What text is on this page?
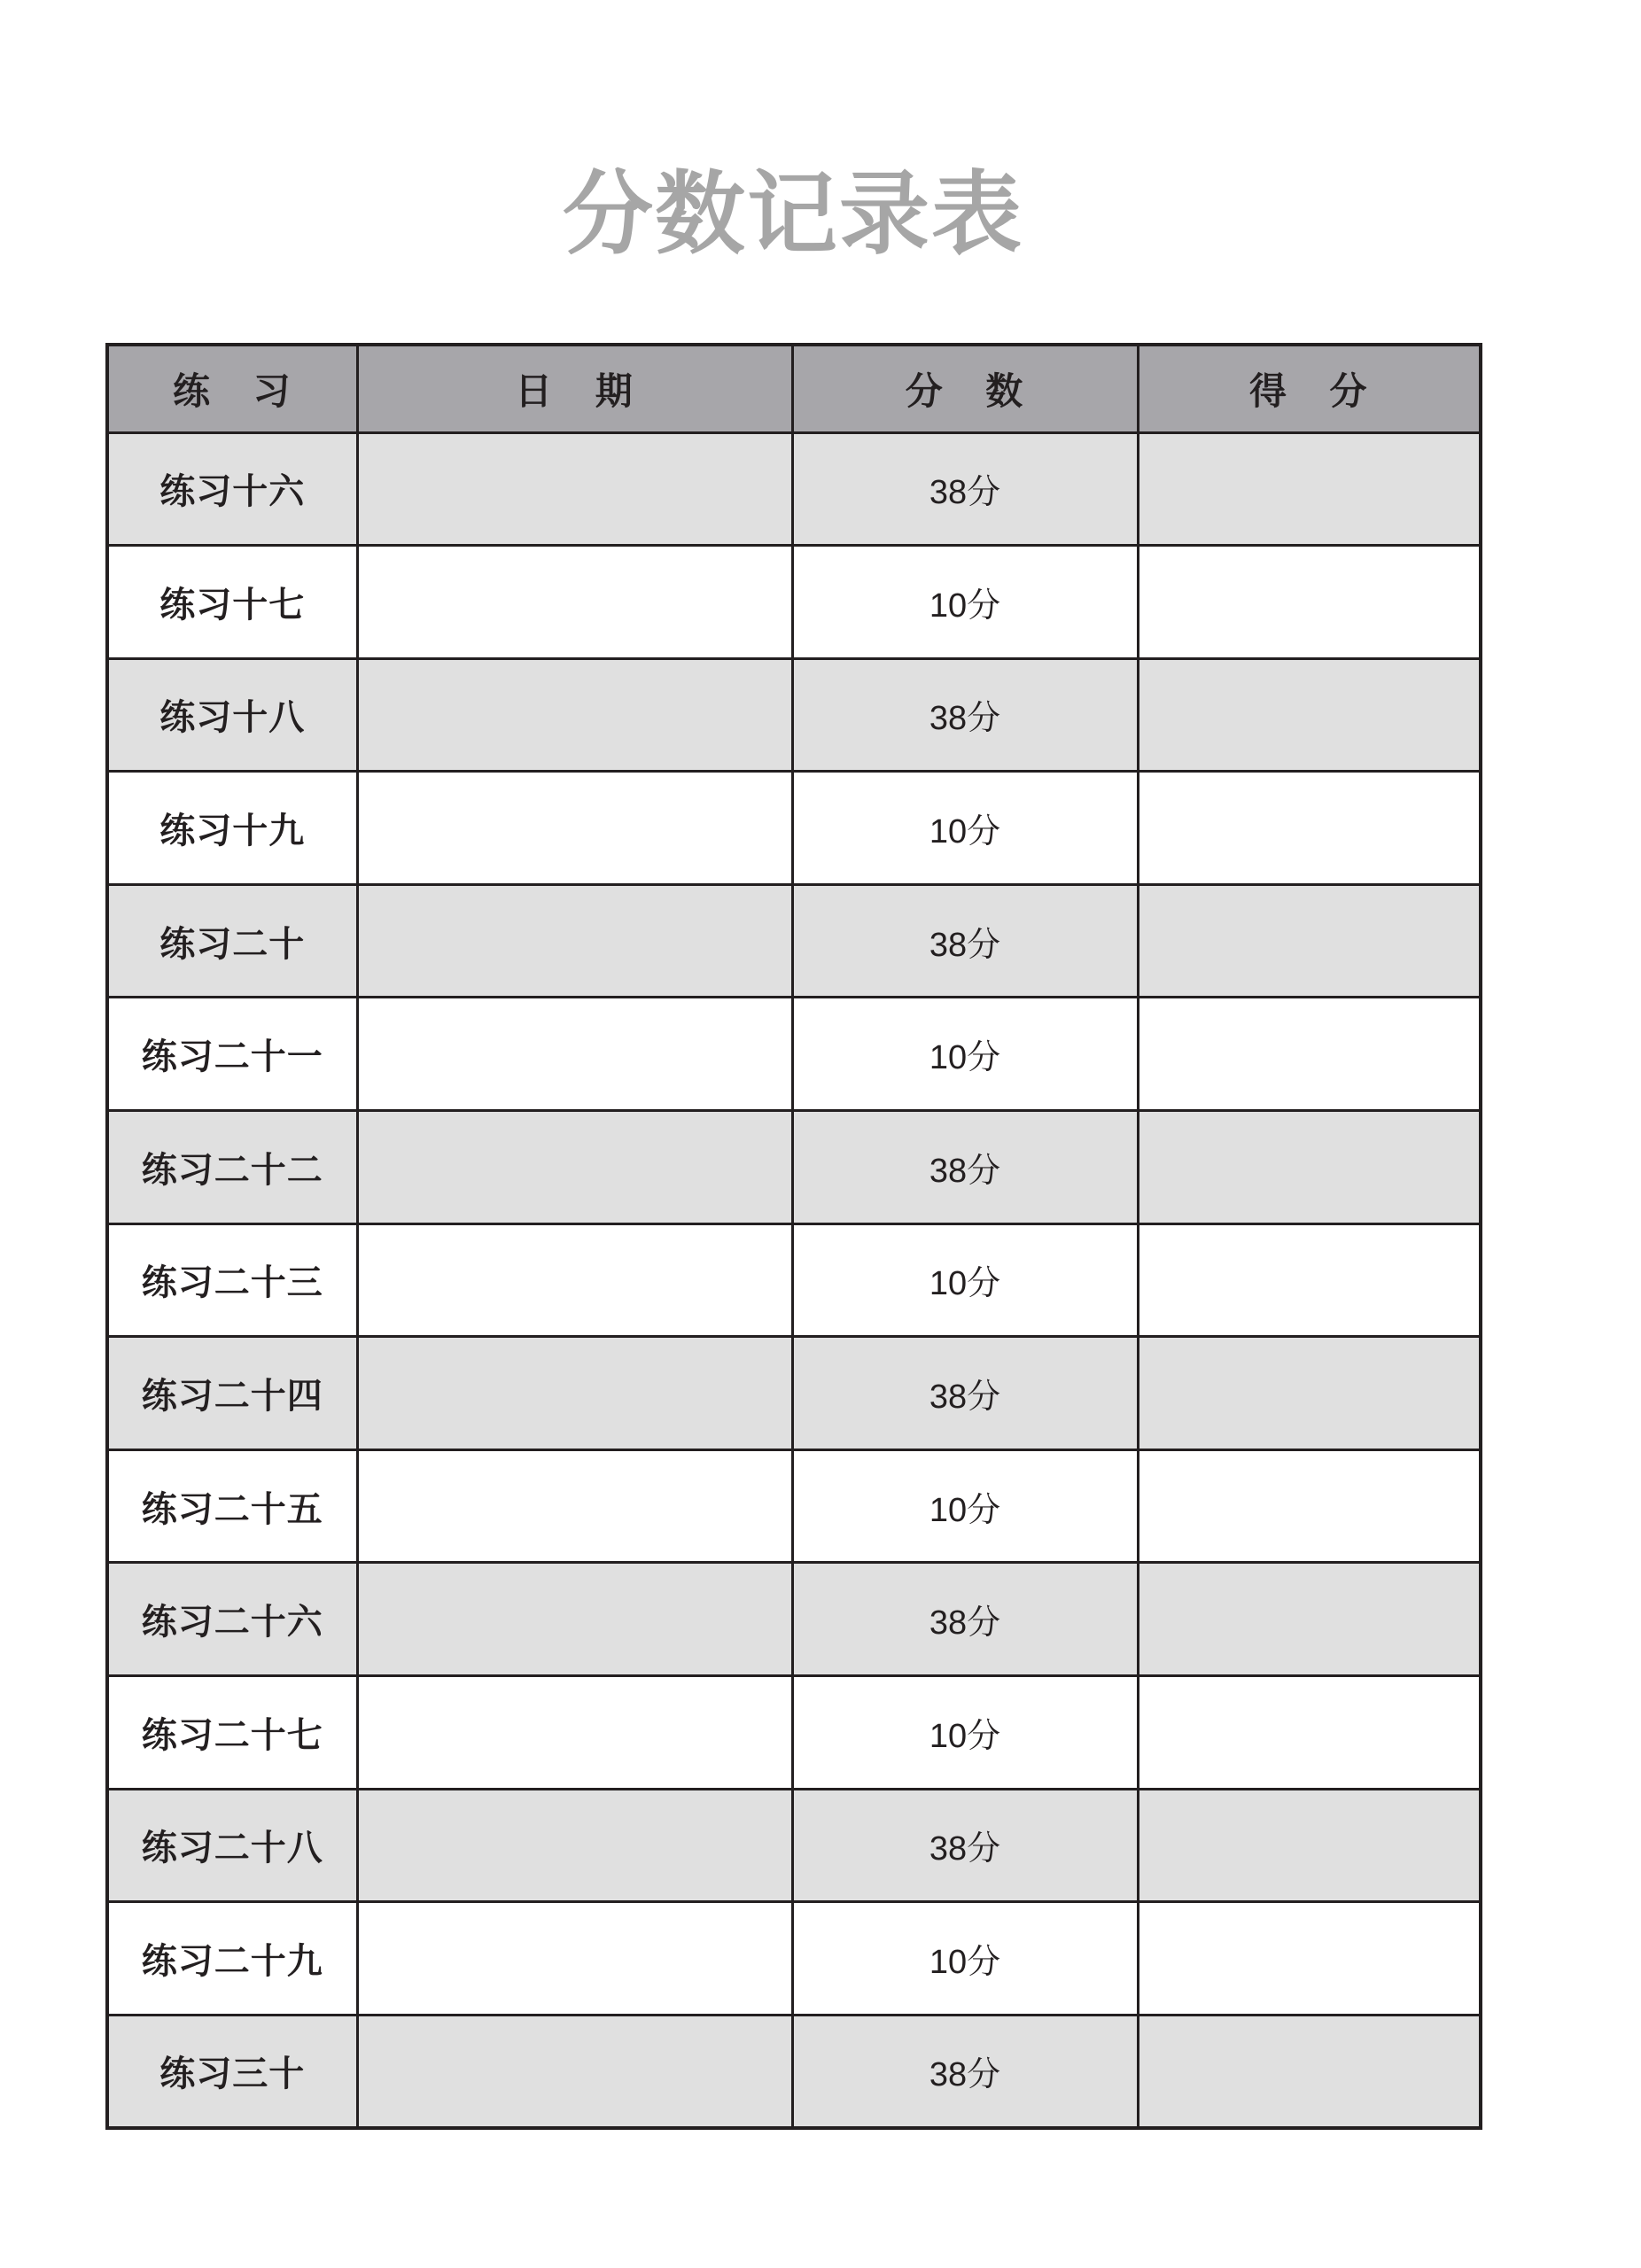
分数记录表
练 习	日 期	分 数	得 分
练习十六		38分	
练习十七		10分	
练习十八		38分	
练习十九		10分	
练习二十		38分	
练习二十一		10分	
练习二十二		38分	
练习二十三		10分	
练习二十四		38分	
练习二十五		10分	
练习二十六		38分	
练习二十七		10分	
练习二十八		38分	
练习二十九		10分	
练习三十		38分	
